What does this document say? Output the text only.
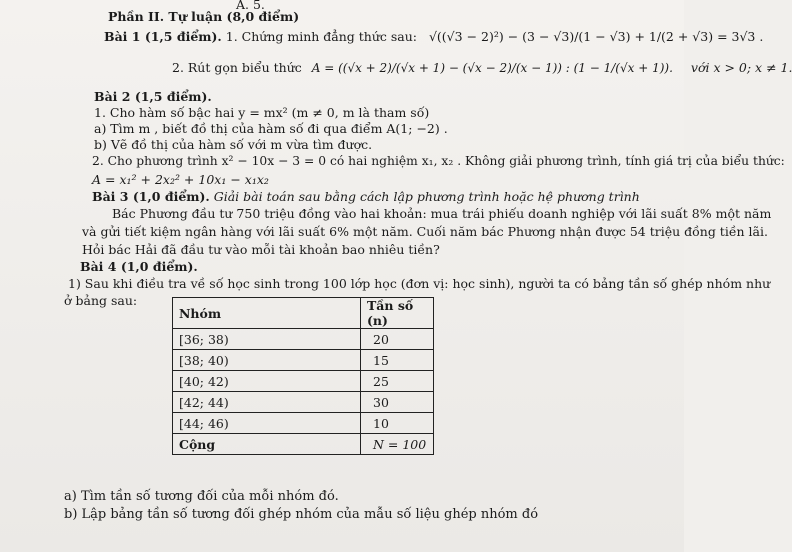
A. 5.
Phần II. Tự luận (8,0 điểm)
Bài 1 (1,5 điểm). 1. Chứng minh đẳng thức sau: √((√3 − 2)²) − (3 − √3)/(1 − √3) + 1/(2 + √3) = 3√3 .
2. Rút gọn biểu thức A = ((√x + 2)/(√x + 1) − (√x − 2)/(x − 1)) : (1 − 1/(√x + 1)). với x > 0; x ≠ 1.
Bài 2 (1,5 điểm).
1. Cho hàm số bậc hai y = mx² (m ≠ 0, m là tham số)
a) Tìm m , biết đồ thị của hàm số đi qua điểm A(1; −2) .
b) Vẽ đồ thị của hàm số với m vừa tìm được.
2. Cho phương trình x² − 10x − 3 = 0 có hai nghiệm x₁, x₂ . Không giải phương trình, tính giá trị của biểu thức:
A = x₁² + 2x₂² + 10x₁ − x₁x₂
Bài 3 (1,0 điểm). Giải bài toán sau bằng cách lập phương trình hoặc hệ phương trình
Bác Phương đầu tư 750 triệu đồng vào hai khoản: mua trái phiếu doanh nghiệp với lãi suất 8% một năm
và gửi tiết kiệm ngân hàng với lãi suất 6% một năm. Cuối năm bác Phương nhận được 54 triệu đồng tiền lãi.
Hỏi bác Hải đã đầu tư vào mỗi tài khoản bao nhiêu tiền?
Bài 4 (1,0 điểm).
1) Sau khi điều tra về số học sinh trong 100 lớp học (đơn vị: học sinh), người ta có bảng tần số ghép nhóm như
ở bảng sau:
Nhóm	Tần số (n)
[36; 38)	20
[38; 40)	15
[40; 42)	25
[42; 44)	30
[44; 46)	10
Cộng	N = 100
a) Tìm tần số tương đối của mỗi nhóm đó.
b) Lập bảng tần số tương đối ghép nhóm của mẫu số liệu ghép nhóm đó
